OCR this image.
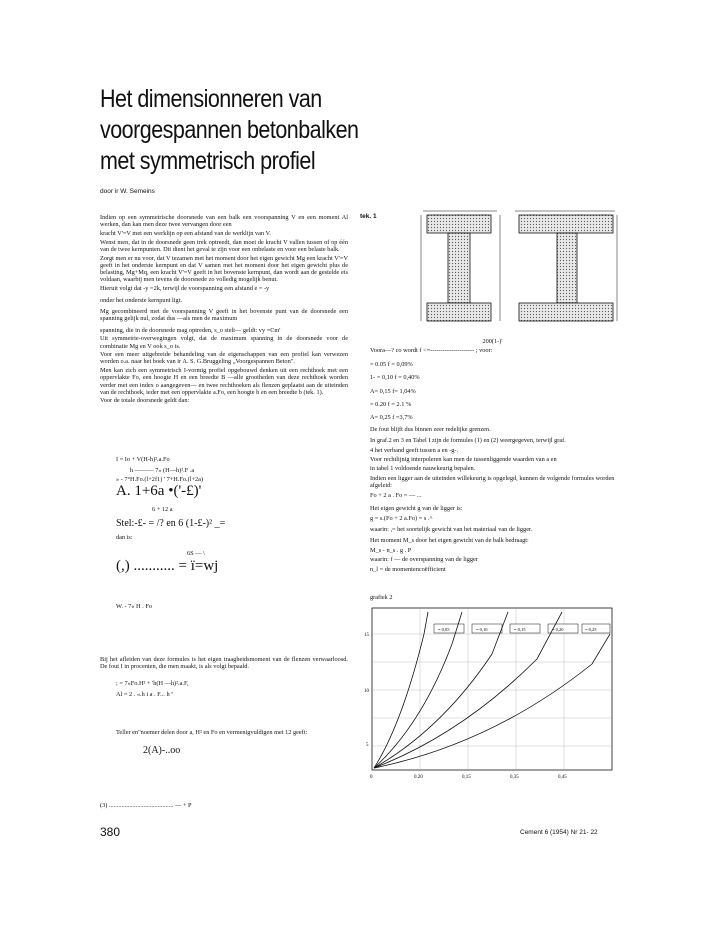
Het dimensionneren van
voorgespannen betonbalken
met symmetrisch profiel
door ir W. Semeins

Indien op een symmetrische doorsnede van een balk een voorspanning V en een moment Al werken, dan kan men deze twee vervangen door een

kracht V'=V met een werklijn op een afstand van de werklijn van V.

Wenst men, dat in de doorsnede geen trek optreedt, dan moet de kracht V vallen tussen of op één van de twee kernpunten. Dit dient het geval te zijn voor een onbelaste en voor een belaste balk.

Zorgt men er nu voor, dat V tezamen met het moment door het eigen gewicht Mg een kracht V'=V geeft in het onderste kernpunt en dat V samen met het moment door het eigen gewicht plus de belasting, Mg+Mq, een kracht V'=V geeft in het bovenste kernpunt, dan wordt aan de gestelde eis voldaan, waarbij men tevens de doorsnede zo volledig mogelijk benut.

Hieruit volgt dat -y =2k, terwijl de voorspanning een afstand e = -y

onder het onderste kernpunt ligt.

Mg gecombineerd met de voorspanning V geeft in het bovenste punt van de doorsnede een spanning gelijk nul, zodat dus —als men de maximum

spanning, die in de doorsnede mag optreden, s_o stelt— geldt: vy =Cm'

Uit symmetrie-overwegingen volgt, dat de maximum spanning in de doorsnede voor de combinatie Mg en V ook s_o is.

Voor een meer uitgebreide behandeling van de eigenschappen van een profiel kan verwezen worden o.a. naar het boek van ir A. S. G.Bruggeling „Voorgespannen Beton".

Men kan zich een symmetrisch I-vormig profiel opgebouwd denken uit een rechthoek met een oppervlakte Fo, een hoogte H en een breedte B —alle grootheden van deze rechthoek worden verder met een index o aangegeven— en twee rechthoeken als flenzen geplaatst aan de uiteinden van de rechthoek, ieder met een oppervlakte a.Fo, een hoogte h en een breedte b (tek. 1).

Voor de totale doorsnede geldt dan:

I = Io + V(H-h)².a.Fo
h ——— 7» (H—h)².F .a
» - 7°H.Fo.(l+2f1) ' 7+H.Fo.(l+2a)
A. 1+6a •('-£)'
6 + 12 a
Stel:-£- = /? en 6 (1-£-)² _=
dan is:
6S — \
(,) ........... = ï=wj
W. - 7« H . Fo
Bij het afleiden van deze formules is het eigen traagheidsmoment van de flenzen verwaarloosd. De fout I in procenten, die men maakt, is als volgt bepaald.
; = 7«Fo.H² + 'h(H —h)².a.F,
Al = 2 . «.h i a . F... h ª
Teller en"noemer delen door a, H² en Fo en vermenigvuldigen met 12 geeft:
2(A)-..oo
(3) ......................................... — + P
tek. 1

200(1-)'

Voora—? co wordt f <=--------------------- ; voor:

= 0.05 f = 0,09%

1- = 0,10 f = 0,40%

A= 0,15 f= 1,04%

= 0.20 f = 2.1 %

A= 0,25 f =3,7%

De fout blijft dus binnen zeer redelijke grenzen.

In graf.2 en 3 en Tabel I zijn de formules (1) en (2) weergegeven, terwijl graf.

4 het verband geeft tussen a en -g-.

Voor rechtlijnig interpoleren kan men de tussenliggende waarden van a en

in tabel 1 voldoende nauwkeurig bepalen.

Indien een ligger aan de uiteinden willekeurig is opgelegd, kunnen de volgende formules worden afgeleid:

Fo + 2 a . Fo = — ...

Het eigen gewicht g van de ligger is:

g = s.(Fo + 2 a.Fo) = s .^

waarin: ,= het soortelijk gewicht van het materiaal van de ligger.

Het moment M_s door het eigen gewicht van de balk bedraagt:

M_s - n_s . g . P

waarin: f — de overspanning van de ligger

n_l = de momentencoëfficient

grafiek 2
15
10
5
0	0.20	0,15	0,35	0,45
= 0,05	= 0,10	= 0,15	= 0,20	= 0,25
380	Cement 6 (1954) Nr 21- 22
